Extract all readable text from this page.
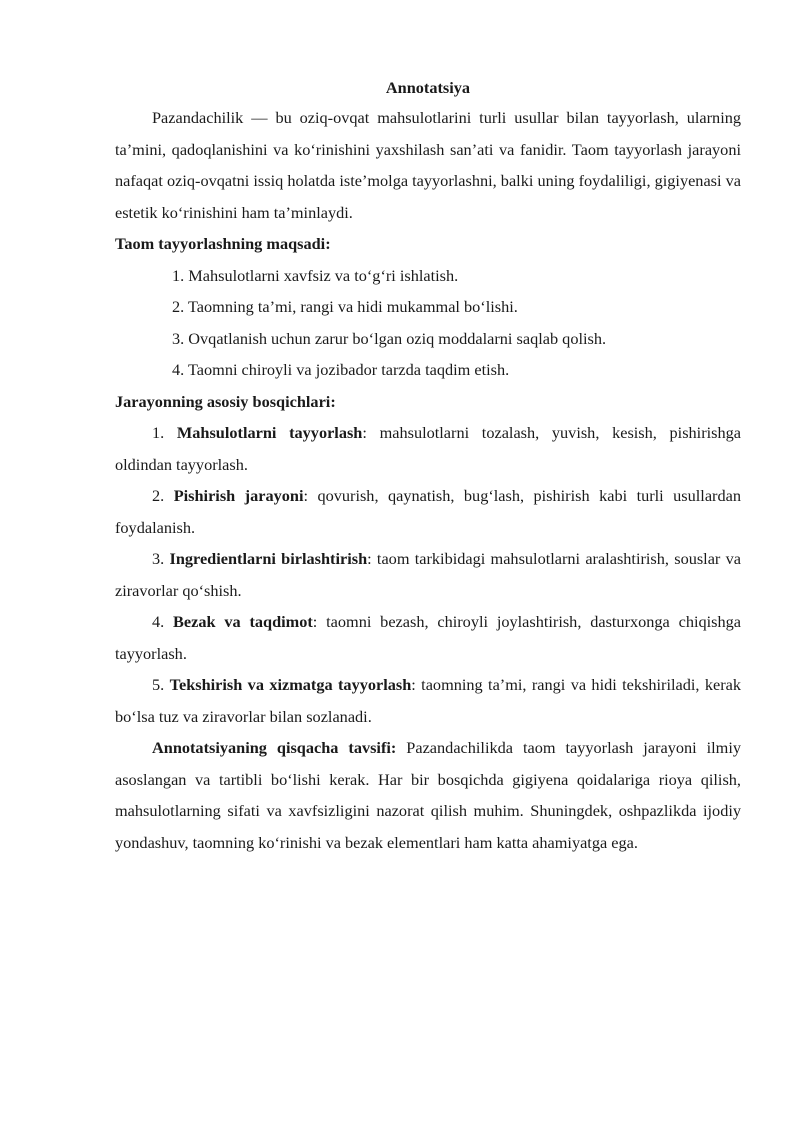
Annotatsiya

Pazandachilik — bu oziq-ovqat mahsulotlarini turli usullar bilan tayyorlash, ularning ta’mini, qadoqlanishini va ko‘rinishini yaxshilash san’ati va fanidir. Taom tayyorlash jarayoni nafaqat oziq-ovqatni issiq holatda iste’molga tayyorlashni, balki uning foydaliligi, gigiyenasi va estetik ko‘rinishini ham ta’minlaydi.

Taom tayyorlashning maqsadi:

1. Mahsulotlarni xavfsiz va to‘g‘ri ishlatish.
2. Taomning ta’mi, rangi va hidi mukammal bo‘lishi.
3. Ovqatlanish uchun zarur bo‘lgan oziq moddalarni saqlab qolish.
4. Taomni chiroyli va jozibador tarzda taqdim etish.

Jarayonning asosiy bosqichlari:

1. Mahsulotlarni tayyorlash: mahsulotlarni tozalash, yuvish, kesish, pishirishga oldindan tayyorlash.

2. Pishirish jarayoni: qovurish, qaynatish, bug‘lash, pishirish kabi turli usullardan foydalanish.

3. Ingredientlarni birlashtirish: taom tarkibidagi mahsulotlarni aralashtirish, souslar va ziravorlar qo‘shish.

4. Bezak va taqdimot: taomni bezash, chiroyli joylashtirish, dasturxonga chiqishga tayyorlash.

5. Tekshirish va xizmatga tayyorlash: taomning ta’mi, rangi va hidi tekshiriladi, kerak bo‘lsa tuz va ziravorlar bilan sozlanadi.

Annotatsiyaning qisqacha tavsifi: Pazandachilikda taom tayyorlash jarayoni ilmiy asoslangan va tartibli bo‘lishi kerak. Har bir bosqichda gigiyena qoidalariga rioya qilish, mahsulotlarning sifati va xavfsizligini nazorat qilish muhim. Shuningdek, oshpazlikda ijodiy yondashuv, taomning ko‘rinishi va bezak elementlari ham katta ahamiyatga ega.
